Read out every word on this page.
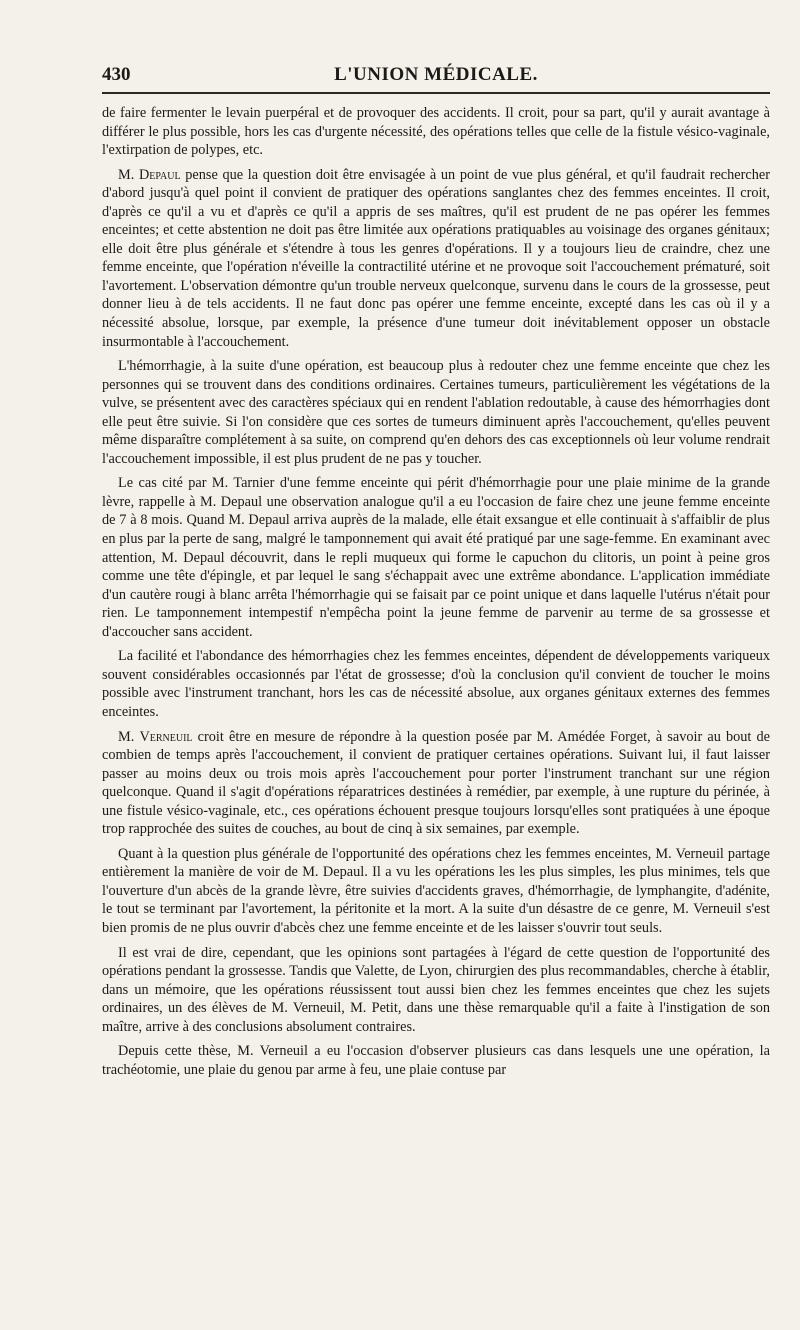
430	L'UNION MÉDICALE.

de faire fermenter le levain puerpéral et de provoquer des accidents. Il croit, pour sa part, qu'il y aurait avantage à différer le plus possible, hors les cas d'urgente nécessité, des opérations telles que celle de la fistule vésico-vaginale, l'extirpation de polypes, etc.

M. Depaul pense que la question doit être envisagée à un point de vue plus général, et qu'il faudrait rechercher d'abord jusqu'à quel point il convient de pratiquer des opérations sanglantes chez des femmes enceintes. Il croit, d'après ce qu'il a vu et d'après ce qu'il a appris de ses maîtres, qu'il est prudent de ne pas opérer les femmes enceintes; et cette abstention ne doit pas être limitée aux opérations pratiquables au voisinage des organes génitaux; elle doit être plus générale et s'étendre à tous les genres d'opérations. Il y a toujours lieu de craindre, chez une femme enceinte, que l'opération n'éveille la contractilité utérine et ne provoque soit l'accouchement prématuré, soit l'avortement. L'observation démontre qu'un trouble nerveux quelconque, survenu dans le cours de la grossesse, peut donner lieu à de tels accidents. Il ne faut donc pas opérer une femme enceinte, excepté dans les cas où il y a nécessité absolue, lorsque, par exemple, la présence d'une tumeur doit inévitablement opposer un obstacle insurmontable à l'accouchement.

L'hémorrhagie, à la suite d'une opération, est beaucoup plus à redouter chez une femme enceinte que chez les personnes qui se trouvent dans des conditions ordinaires. Certaines tumeurs, particulièrement les végétations de la vulve, se présentent avec des caractères spéciaux qui en rendent l'ablation redoutable, à cause des hémorrhagies dont elle peut être suivie. Si l'on considère que ces sortes de tumeurs diminuent après l'accouchement, qu'elles peuvent même disparaître complétement à sa suite, on comprend qu'en dehors des cas exceptionnels où leur volume rendrait l'accouchement impossible, il est plus prudent de ne pas y toucher.

Le cas cité par M. Tarnier d'une femme enceinte qui périt d'hémorrhagie pour une plaie minime de la grande lèvre, rappelle à M. Depaul une observation analogue qu'il a eu l'occasion de faire chez une jeune femme enceinte de 7 à 8 mois. Quand M. Depaul arriva auprès de la malade, elle était exsangue et elle continuait à s'affaiblir de plus en plus par la perte de sang, malgré le tamponnement qui avait été pratiqué par une sage-femme. En examinant avec attention, M. Depaul découvrit, dans le repli muqueux qui forme le capuchon du clitoris, un point à peine gros comme une tête d'épingle, et par lequel le sang s'échappait avec une extrême abondance. L'application immédiate d'un cautère rougi à blanc arrêta l'hémorrhagie qui se faisait par ce point unique et dans laquelle l'utérus n'était pour rien. Le tamponnement intempestif n'empêcha point la jeune femme de parvenir au terme de sa grossesse et d'accoucher sans accident.

La facilité et l'abondance des hémorrhagies chez les femmes enceintes, dépendent de développements variqueux souvent considérables occasionnés par l'état de grossesse; d'où la conclusion qu'il convient de toucher le moins possible avec l'instrument tranchant, hors les cas de nécessité absolue, aux organes génitaux externes des femmes enceintes.

M. Verneuil croit être en mesure de répondre à la question posée par M. Amédée Forget, à savoir au bout de combien de temps après l'accouchement, il convient de pratiquer certaines opérations. Suivant lui, il faut laisser passer au moins deux ou trois mois après l'accouchement pour porter l'instrument tranchant sur une région quelconque. Quand il s'agit d'opérations réparatrices destinées à remédier, par exemple, à une rupture du périnée, à une fistule vésico-vaginale, etc., ces opérations échouent presque toujours lorsqu'elles sont pratiquées à une époque trop rapprochée des suites de couches, au bout de cinq à six semaines, par exemple.

Quant à la question plus générale de l'opportunité des opérations chez les femmes enceintes, M. Verneuil partage entièrement la manière de voir de M. Depaul. Il a vu les opérations les les plus simples, les plus minimes, tels que l'ouverture d'un abcès de la grande lèvre, être suivies d'accidents graves, d'hémorrhagie, de lymphangite, d'adénite, le tout se terminant par l'avortement, la péritonite et la mort. A la suite d'un désastre de ce genre, M. Verneuil s'est bien promis de ne plus ouvrir d'abcès chez une femme enceinte et de les laisser s'ouvrir tout seuls.

Il est vrai de dire, cependant, que les opinions sont partagées à l'égard de cette question de l'opportunité des opérations pendant la grossesse. Tandis que Valette, de Lyon, chirurgien des plus recommandables, cherche à établir, dans un mémoire, que les opérations réussissent tout aussi bien chez les femmes enceintes que chez les sujets ordinaires, un des élèves de M. Verneuil, M. Petit, dans une thèse remarquable qu'il a faite à l'instigation de son maître, arrive à des conclusions absolument contraires.

Depuis cette thèse, M. Verneuil a eu l'occasion d'observer plusieurs cas dans lesquels une une opération, la trachéotomie, une plaie du genou par arme à feu, une plaie contuse par
